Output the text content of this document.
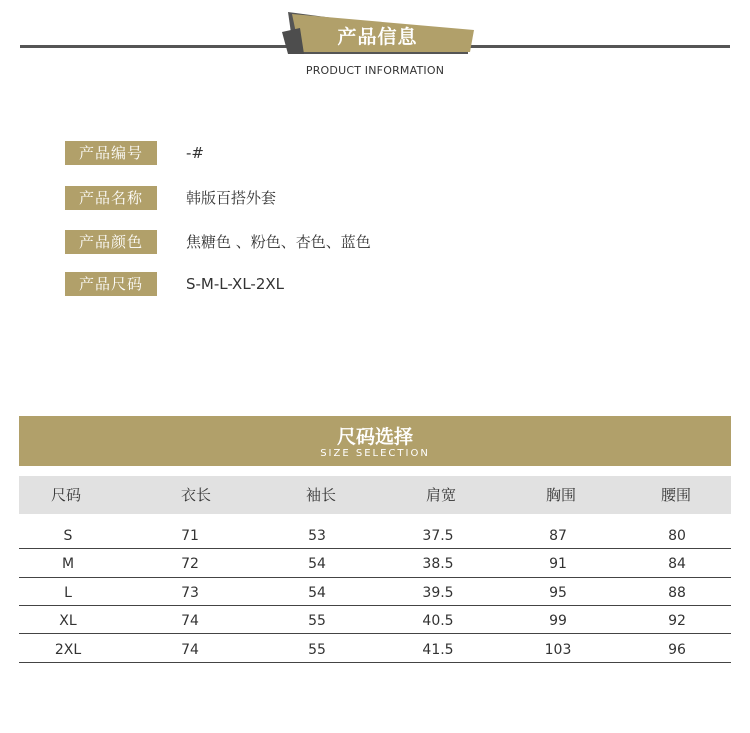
产品信息
PRODUCT INFORMATION
产品编号	-#
产品名称	韩版百搭外套
产品颜色	焦糖色 、粉色、杏色、蓝色
产品尺码	S-M-L-XL-2XL
尺码选择
SIZE SELECTION
尺码	衣长	袖长	肩宽	胸围	腰围
S	71	53	37.5	87	80
M	72	54	38.5	91	84
L	73	54	39.5	95	88
XL	74	55	40.5	99	92
2XL	74	55	41.5	103	96
